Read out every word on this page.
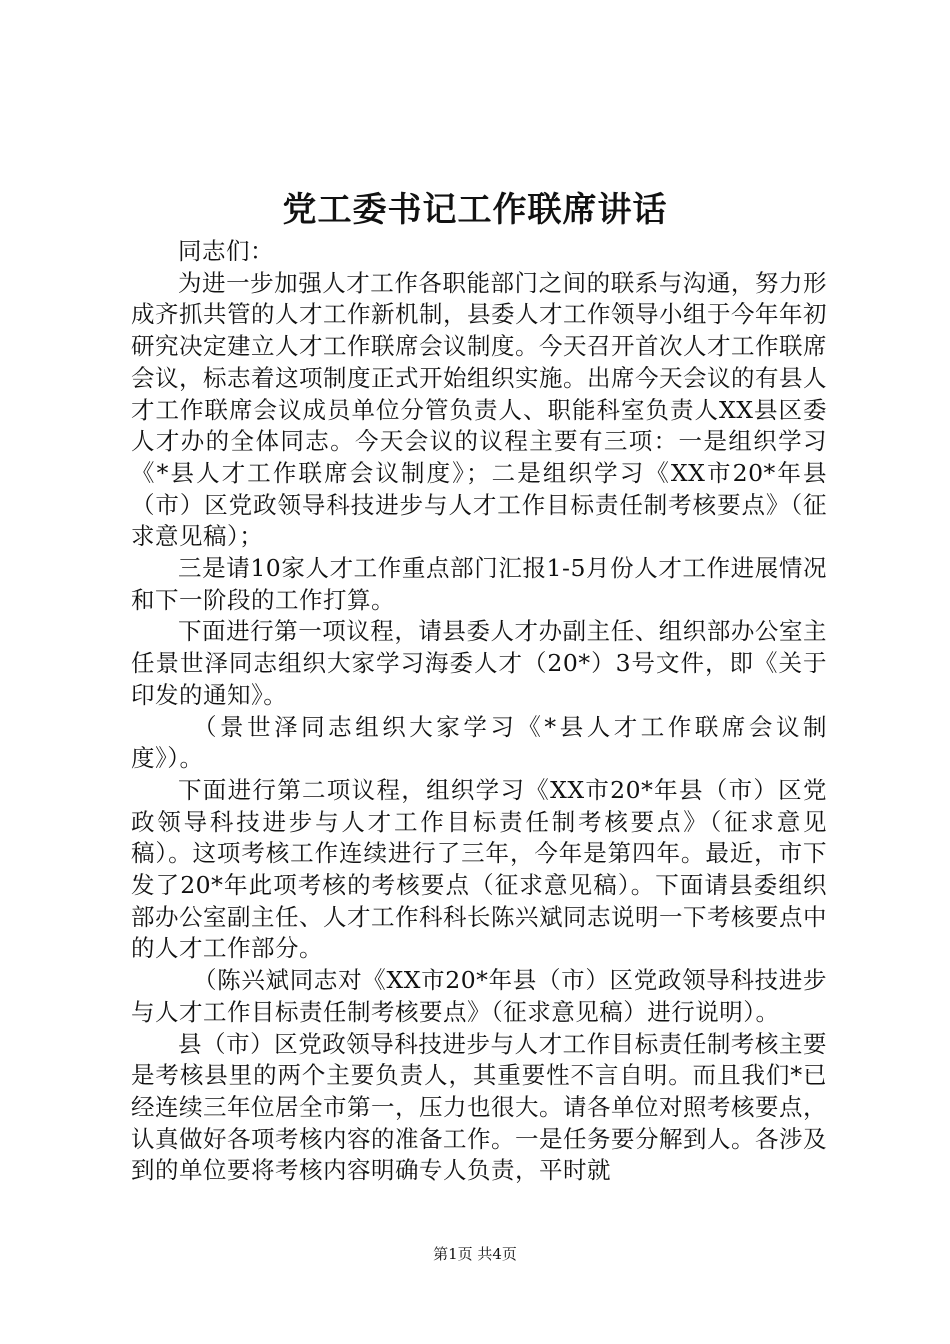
党工委书记工作联席讲话

同志们：

为进一步加强人才工作各职能部门之间的联系与沟通，努力形成齐抓共管的人才工作新机制，县委人才工作领导小组于今年年初研究决定建立人才工作联席会议制度。今天召开首次人才工作联席会议，标志着这项制度正式开始组织实施。出席今天会议的有县人才工作联席会议成员单位分管负责人、职能科室负责人XX县区委人才办的全体同志。今天会议的议程主要有三项：一是组织学习《*县人才工作联席会议制度》；二是组织学习《XX市20*年县（市）区党政领导科技进步与人才工作目标责任制考核要点》（征求意见稿）；

三是请10家人才工作重点部门汇报1-5月份人才工作进展情况和下一阶段的工作打算。

下面进行第一项议程，请县委人才办副主任、组织部办公室主任景世泽同志组织大家学习海委人才（20*）3号文件，即《关于印发的通知》。

（景世泽同志组织大家学习《*县人才工作联席会议制度》）。

下面进行第二项议程，组织学习《XX市20*年县（市）区党政领导科技进步与人才工作目标责任制考核要点》（征求意见稿）。这项考核工作连续进行了三年，今年是第四年。最近，市下发了20*年此项考核的考核要点（征求意见稿）。下面请县委组织部办公室副主任、人才工作科科长陈兴斌同志说明一下考核要点中的人才工作部分。

（陈兴斌同志对《XX市20*年县（市）区党政领导科技进步与人才工作目标责任制考核要点》（征求意见稿）进行说明）。

县（市）区党政领导科技进步与人才工作目标责任制考核主要是考核县里的两个主要负责人，其重要性不言自明。而且我们*已经连续三年位居全市第一，压力也很大。请各单位对照考核要点，认真做好各项考核内容的准备工作。一是任务要分解到人。各涉及到的单位要将考核内容明确专人负责，平时就

第1页 共4页
